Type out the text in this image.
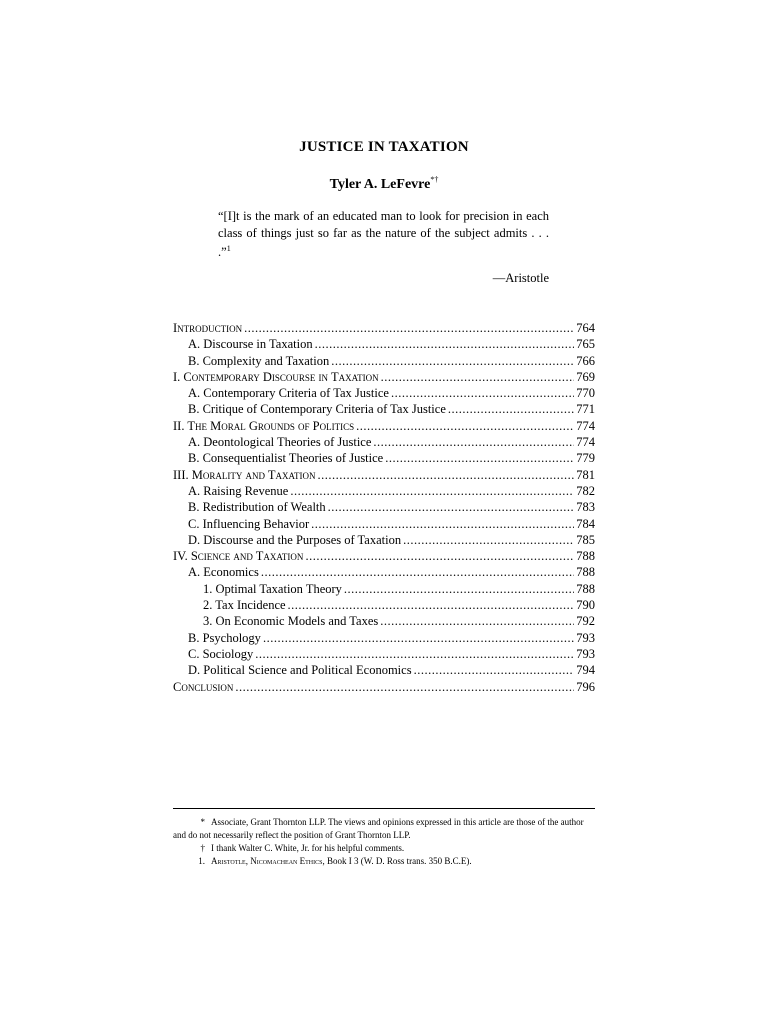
JUSTICE IN TAXATION
Tyler A. LeFevre*†
“[I]t is the mark of an educated man to look for precision in each class of things just so far as the nature of the subject admits . . . .”$^1$
—Aristotle
Introduction .....	764
A. Discourse in Taxation .....	765
B. Complexity and Taxation .....	766
I. Contemporary Discourse in Taxation .....	769
A. Contemporary Criteria of Tax Justice .....	770
B. Critique of Contemporary Criteria of Tax Justice .....	771
II. The Moral Grounds of Politics .....	774
A. Deontological Theories of Justice .....	774
B. Consequentialist Theories of Justice .....	779
III. Morality and Taxation .....	781
A. Raising Revenue .....	782
B. Redistribution of Wealth .....	783
C. Influencing Behavior .....	784
D. Discourse and the Purposes of Taxation .....	785
IV. Science and Taxation .....	788
A. Economics .....	788
1. Optimal Taxation Theory .....	788
2. Tax Incidence .....	790
3. On Economic Models and Taxes .....	792
B. Psychology .....	793
C. Sociology .....	793
D. Political Science and Political Economics .....	794
Conclusion .....	796

* Associate, Grant Thornton LLP. The views and opinions expressed in this article are those of the author and do not necessarily reflect the position of Grant Thornton LLP.

† I thank Walter C. White, Jr. for his helpful comments.

1. Aristotle, Nicomachean Ethics, Book I 3 (W. D. Ross trans. 350 B.C.E).
